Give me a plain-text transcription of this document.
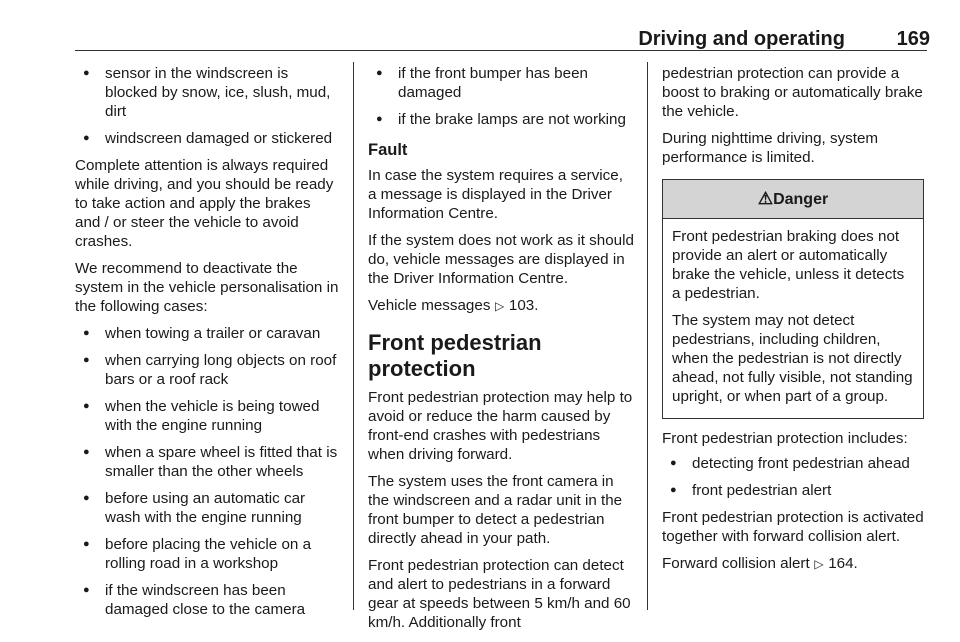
Driving and operating	169
● sensor in the windscreen is blocked by snow, ice, slush, mud, dirt
● windscreen damaged or stickered

Complete attention is always required while driving, and you should be ready to take action and apply the brakes and / or steer the vehicle to avoid crashes.

We recommend to deactivate the system in the vehicle personalisation in the following cases:

● when towing a trailer or caravan
● when carrying long objects on roof bars or a roof rack
● when the vehicle is being towed with the engine running
● when a spare wheel is fitted that is smaller than the other wheels
● before using an automatic car wash with the engine running
● before placing the vehicle on a rolling road in a workshop
● if the windscreen has been damaged close to the camera
● if the front bumper has been damaged
● if the brake lamps are not working
Fault

In case the system requires a service, a message is displayed in the Driver Information Centre.

If the system does not work as it should do, vehicle messages are displayed in the Driver Information Centre.

Vehicle messages ▷ 103.

Front pedestrian protection

Front pedestrian protection may help to avoid or reduce the harm caused by front-end crashes with pedestrians when driving forward.

The system uses the front camera in the windscreen and a radar unit in the front bumper to detect a pedestrian directly ahead in your path.

Front pedestrian protection can detect and alert to pedestrians in a forward gear at speeds between 5 km/h and 60 km/h. Additionally front

pedestrian protection can provide a boost to braking or automatically brake the vehicle.

During nighttime driving, system performance is limited.

⚠Danger

Front pedestrian braking does not provide an alert or automatically brake the vehicle, unless it detects a pedestrian.

The system may not detect pedestrians, including children, when the pedestrian is not directly ahead, not fully visible, not standing upright, or when part of a group.

Front pedestrian protection includes:

● detecting front pedestrian ahead
● front pedestrian alert

Front pedestrian protection is activated together with forward collision alert.

Forward collision alert ▷ 164.
